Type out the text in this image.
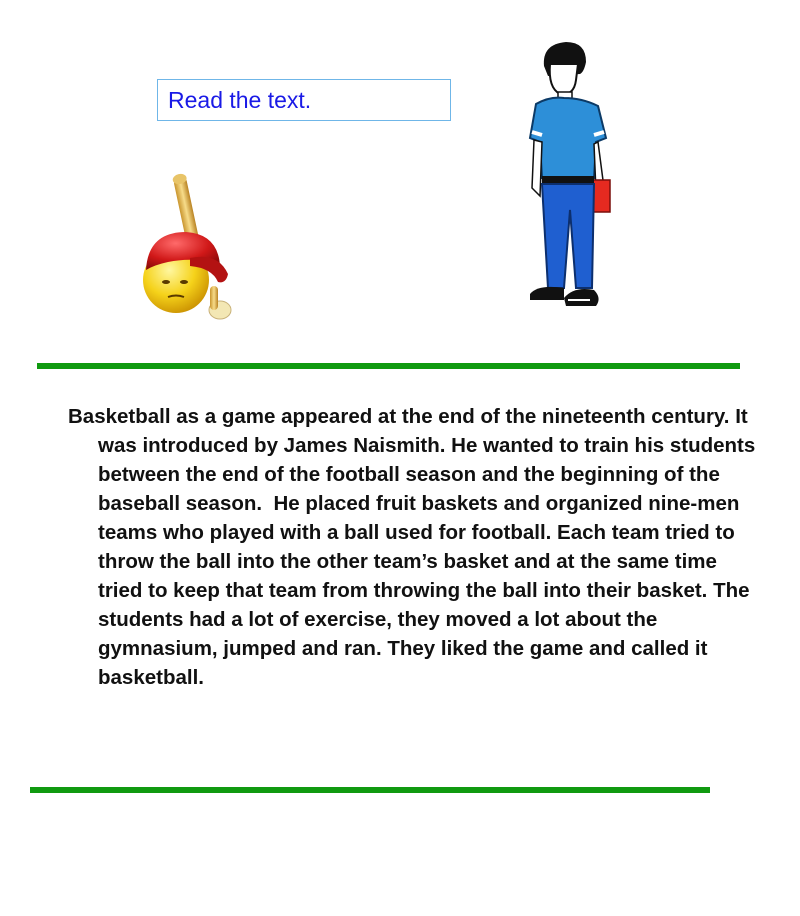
Read the text.

Basketball as a game appeared at the end of the nineteenth century. It was introduced by James Naismith. He wanted to train his students between the end of the football season and the beginning of the baseball season.  He placed fruit baskets and organized nine-men teams who played with a ball used for football. Each team tried to throw the ball into the other team’s basket and at the same time tried to keep that team from throwing the ball into their basket. The students had a lot of exercise, they moved a lot about the gymnasium, jumped and ran. They liked the game and called it basketball.
